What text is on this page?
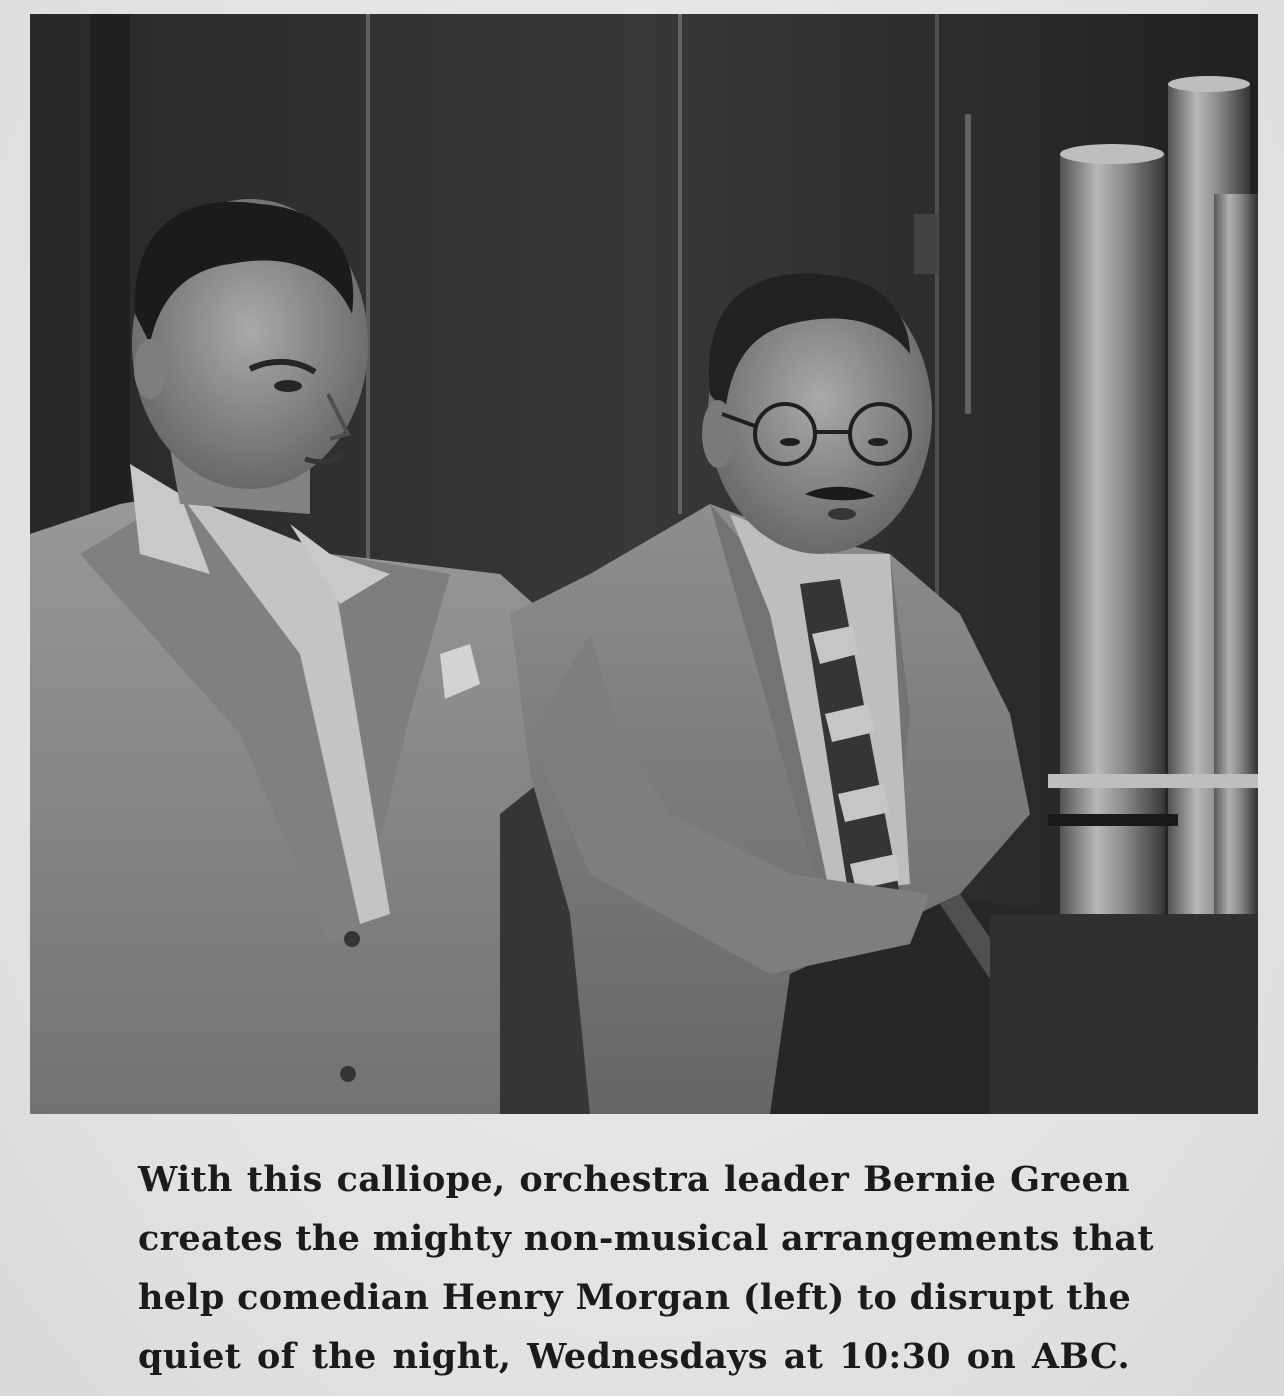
With this calliope, orchestra leader Bernie Green
creates the mighty non-musical arrangements that
help comedian Henry Morgan (left) to disrupt the
quiet of the night, Wednesdays at 10:30 on ABC.
